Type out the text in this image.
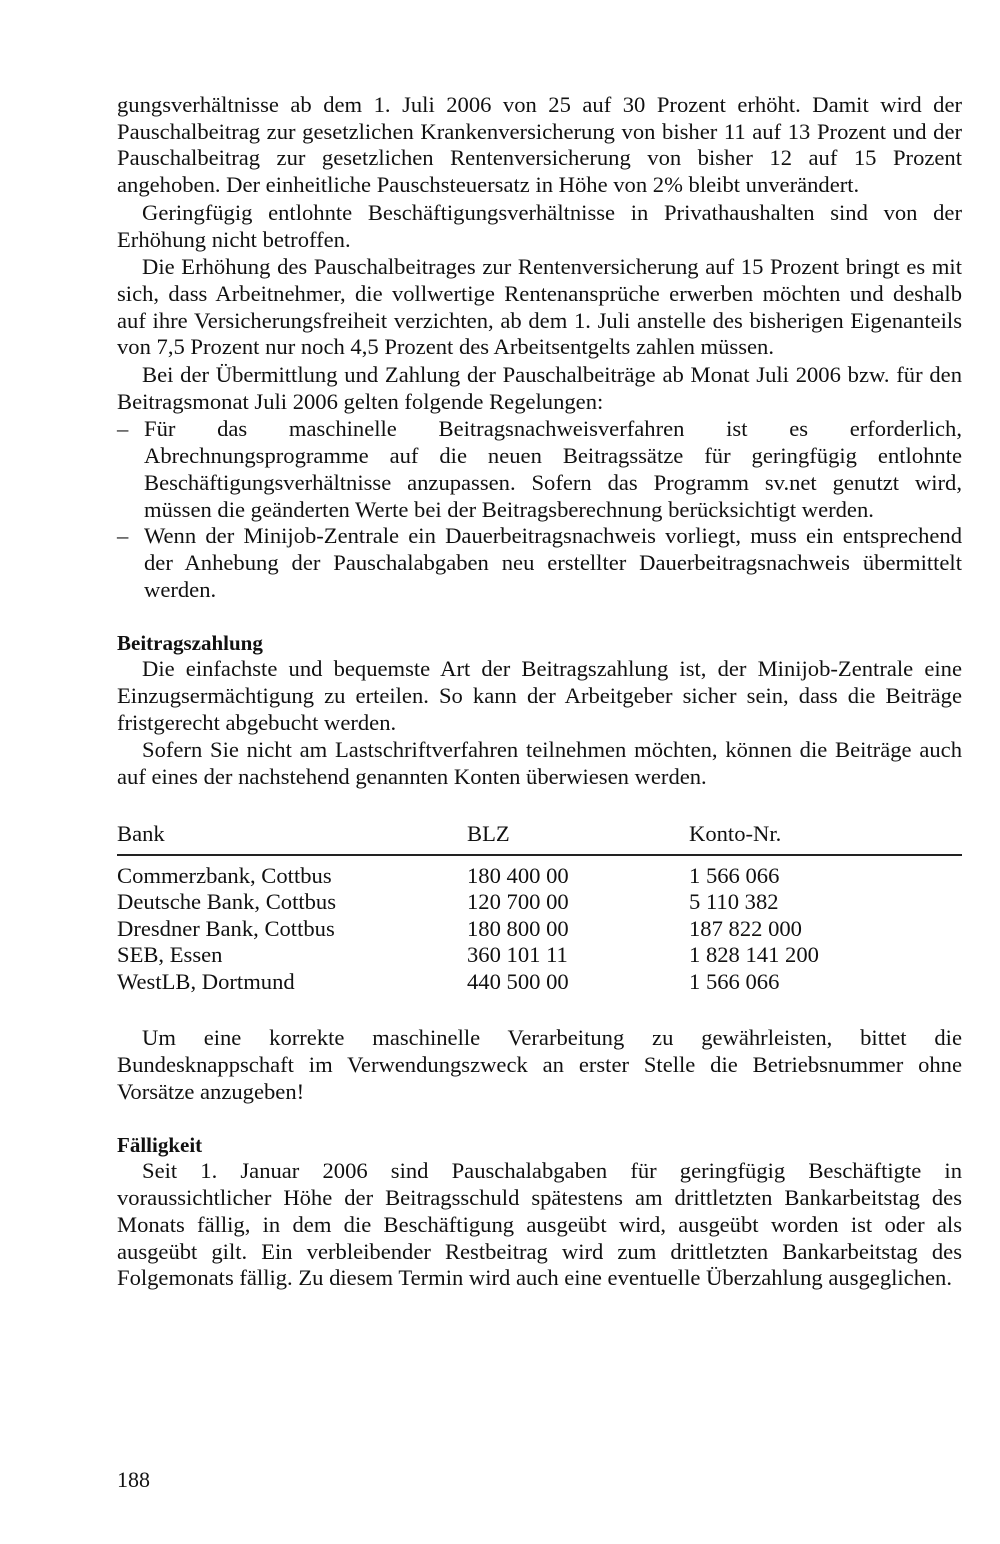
gungsverhältnisse ab dem 1. Juli 2006 von 25 auf 30 Prozent erhöht. Damit wird der Pauschalbeitrag zur gesetzlichen Krankenversicherung von bisher 11 auf 13 Prozent und der Pauschalbeitrag zur gesetzlichen Rentenversicherung von bisher 12 auf 15 Prozent angehoben. Der einheitliche Pauschsteuersatz in Höhe von 2% bleibt unverändert.

Geringfügig entlohnte Beschäftigungsverhältnisse in Privathaushalten sind von der Erhöhung nicht betroffen.

Die Erhöhung des Pauschalbeitrages zur Rentenversicherung auf 15 Prozent bringt es mit sich, dass Arbeitnehmer, die vollwertige Rentenansprüche erwerben möchten und deshalb auf ihre Versicherungsfreiheit verzichten, ab dem 1. Juli anstelle des bisherigen Eigenanteils von 7,5 Prozent nur noch 4,5 Prozent des Arbeitsentgelts zahlen müssen.

Bei der Übermittlung und Zahlung der Pauschalbeiträge ab Monat Juli 2006 bzw. für den Beitragsmonat Juli 2006 gelten folgende Regelungen:

– Für das maschinelle Beitragsnachweisverfahren ist es erforderlich, Abrechnungsprogramme auf die neuen Beitragssätze für geringfügig entlohnte Beschäftigungsverhältnisse anzupassen. Sofern das Programm sv.net genutzt wird, müssen die geänderten Werte bei der Beitragsberechnung berücksichtigt werden.
– Wenn der Minijob-Zentrale ein Dauerbeitragsnachweis vorliegt, muss ein entsprechend der Anhebung der Pauschalabgaben neu erstellter Dauerbeitragsnachweis übermittelt werden.
Beitragszahlung

Die einfachste und bequemste Art der Beitragszahlung ist, der Minijob-Zentrale eine Einzugsermächtigung zu erteilen. So kann der Arbeitgeber sicher sein, dass die Beiträge fristgerecht abgebucht werden.

Sofern Sie nicht am Lastschriftverfahren teilnehmen möchten, können die Beiträge auch auf eines der nachstehend genannten Konten überwiesen werden.

Bank	BLZ	Konto-Nr.
Commerzbank, Cottbus	180 400 00	1 566 066
Deutsche Bank, Cottbus	120 700 00	5 110 382
Dresdner Bank, Cottbus	180 800 00	187 822 000
SEB, Essen	360 101 11	1 828 141 200
WestLB, Dortmund	440 500 00	1 566 066

Um eine korrekte maschinelle Verarbeitung zu gewährleisten, bittet die Bundesknappschaft im Verwendungszweck an erster Stelle die Betriebsnummer ohne Vorsätze anzugeben!

Fälligkeit

Seit 1. Januar 2006 sind Pauschalabgaben für geringfügig Beschäftigte in voraussichtlicher Höhe der Beitragsschuld spätestens am drittletzten Bankarbeitstag des Monats fällig, in dem die Beschäftigung ausgeübt wird, ausgeübt worden ist oder als ausgeübt gilt. Ein verbleibender Restbeitrag wird zum drittletzten Bankarbeitstag des Folgemonats fällig. Zu diesem Termin wird auch eine eventuelle Überzahlung ausgeglichen.

188
